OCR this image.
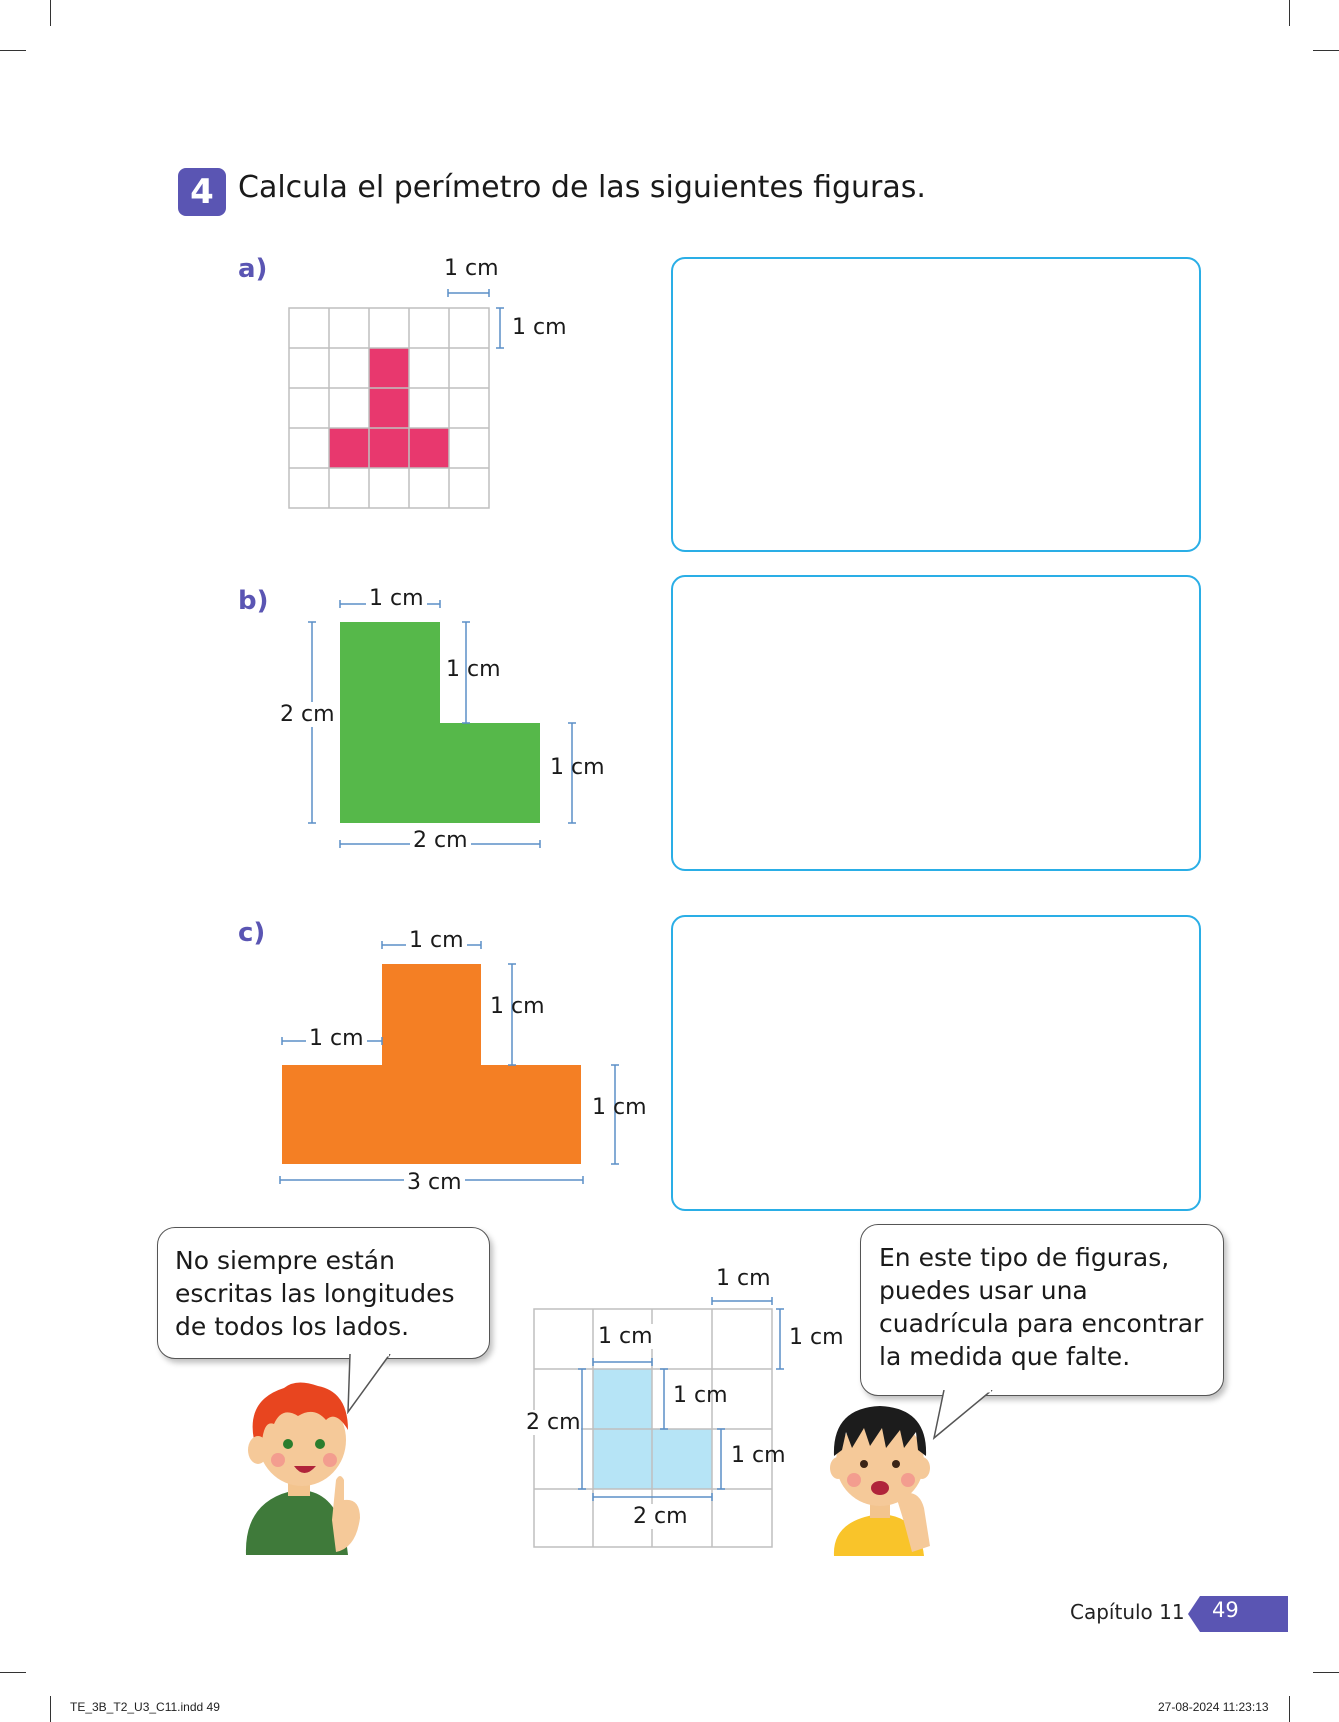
4 Calcula el perímetro de las siguientes figuras.
a)	1 cm
1 cm
b)	1 cm
1 cm
2 cm
1 cm
2 cm
c)	1 cm
1 cm
1 cm
1 cm
3 cm
No siempre están escritas las longitudes de todos los lados.
1 cm
1 cm
1 cm
1 cm
2 cm
1 cm
2 cm
En este tipo de figuras, puedes usar una cuadrícula para encontrar la medida que falte.
Capítulo 11 49
TE_3B_T2_U3_C11.indd 49	27-08-2024 11:23:13
